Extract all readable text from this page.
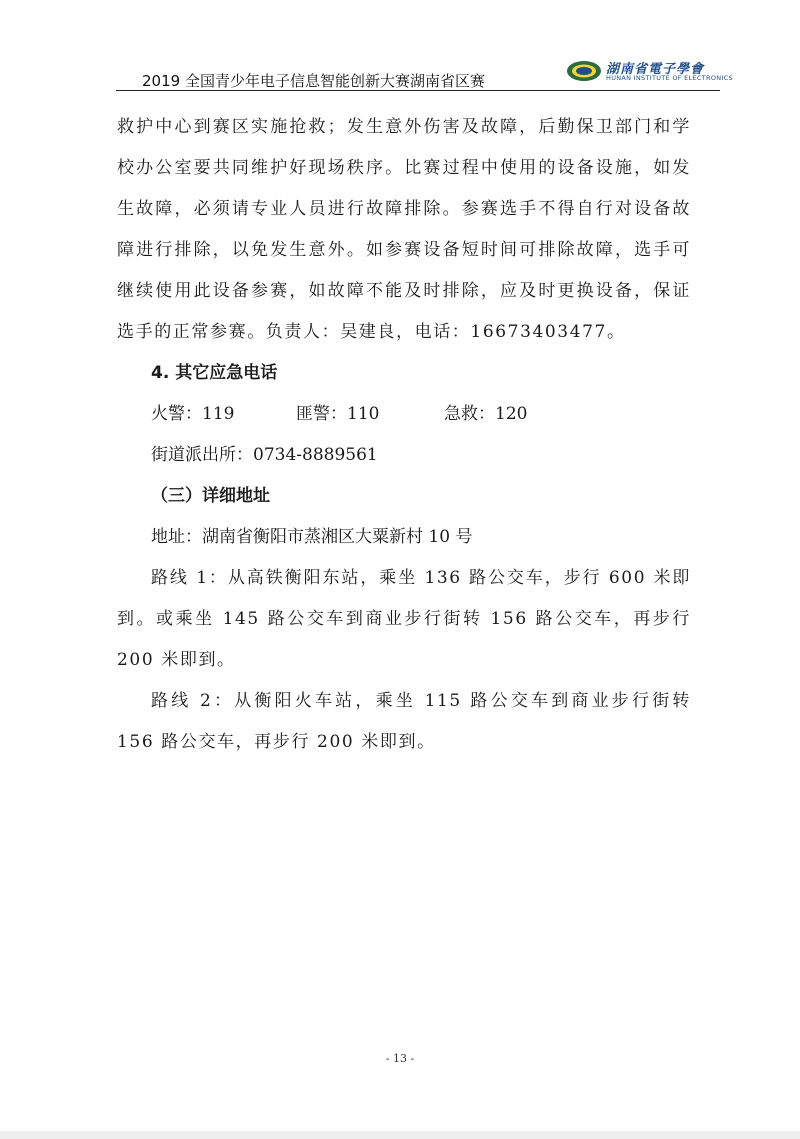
2019 全国青少年电子信息智能创新大赛湖南省区赛
湖南省電子學會
HUNAN INSTITUTE OF ELECTRONICS

救护中心到赛区实施抢救；发生意外伤害及故障，后勤保卫部门和学校办公室要共同维护好现场秩序。比赛过程中使用的设备设施，如发生故障，必须请专业人员进行故障排除。参赛选手不得自行对设备故障进行排除，以免发生意外。如参赛设备短时间可排除故障，选手可继续使用此设备参赛，如故障不能及时排除，应及时更换设备，保证选手的正常参赛。负责人：吴建良，电话：16673403477。

4. 其它应急电话

火警：119	匪警：110	急救：120

街道派出所：0734-8889561

（三）详细地址

地址：湖南省衡阳市蒸湘区大粟新村 10 号

路线 1：从高铁衡阳东站，乘坐 136 路公交车，步行 600 米即到。或乘坐 145 路公交车到商业步行街转 156 路公交车，再步行 200 米即到。

路线 2：从衡阳火车站，乘坐 115 路公交车到商业步行街转 156 路公交车，再步行 200 米即到。

- 13 -
